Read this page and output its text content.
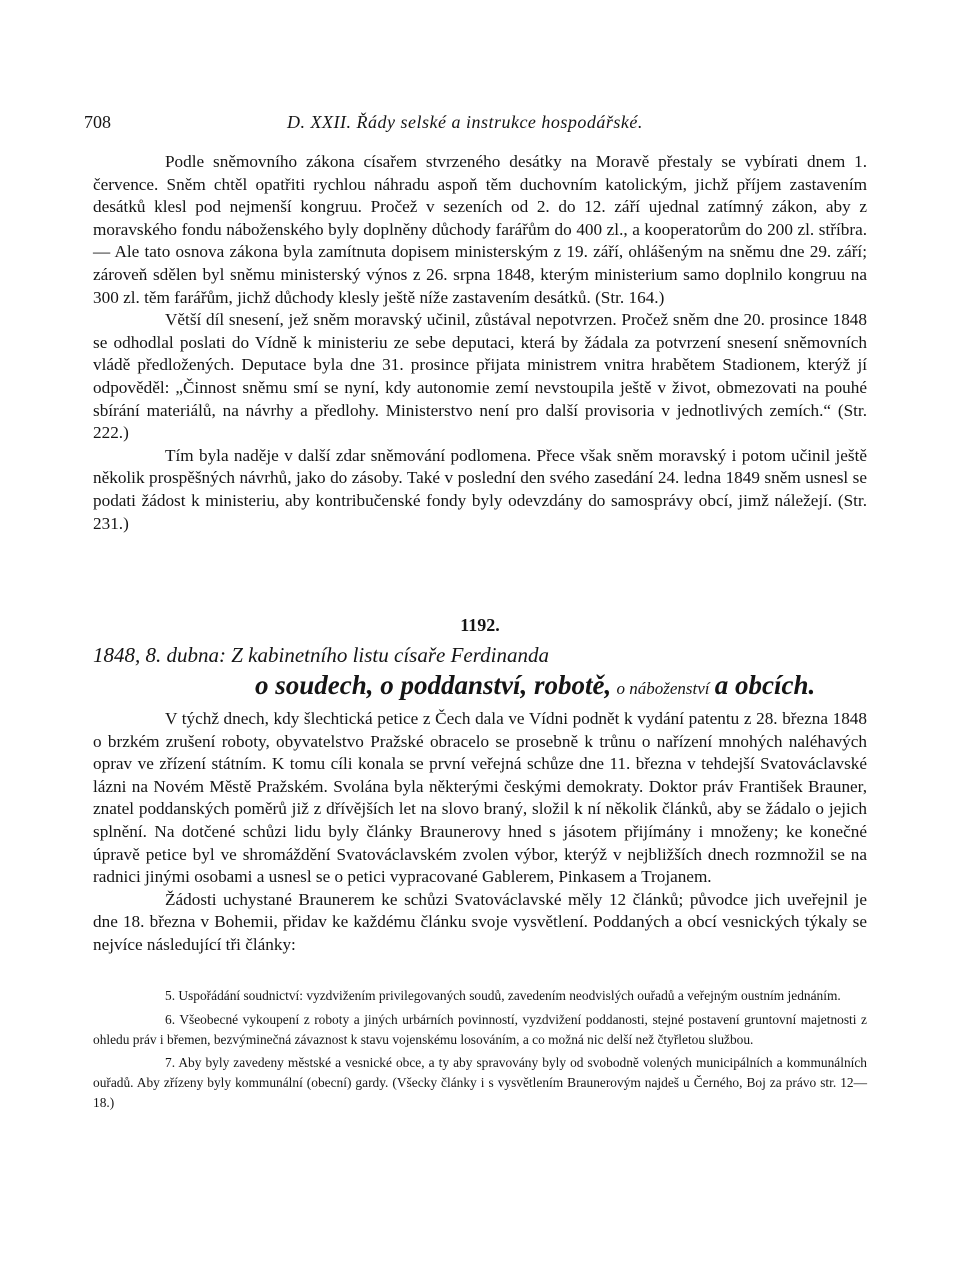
708	D. XXII. Řády selské a instrukce hospodářské.

Podle sněmovního zákona císařem stvrzeného desátky na Moravě přestaly se vybírati dnem 1. července. Sněm chtěl opatřiti rychlou náhradu aspoň těm duchovním katolickým, jichž příjem zastavením desátků klesl pod nejmenší kongruu. Pročež v sezeních od 2. do 12. září ujednal zatímný zákon, aby z moravského fondu náboženského byly doplněny důchody farářům do 400 zl., a kooperatorům do 200 zl. stříbra. — Ale tato osnova zákona byla zamítnuta dopisem ministerským z 19. září, ohlášeným na sněmu dne 29. září; zároveň sdělen byl sněmu ministerský výnos z 26. srpna 1848, kterým ministerium samo doplnilo kongruu na 300 zl. těm farářům, jichž důchody klesly ještě níže zastavením desátků. (Str. 164.)

Větší díl snesení, jež sněm moravský učinil, zůstával nepotvrzen. Pročež sněm dne 20. prosince 1848 se odhodlal poslati do Vídně k ministeriu ze sebe deputaci, která by žádala za potvrzení snesení sněmovních vládě předložených. Deputace byla dne 31. prosince přijata ministrem vnitra hrabětem Stadionem, kterýž jí odpověděl: „Činnost sněmu smí se nyní, kdy autonomie zemí nevstoupila ještě v život, obmezovati na pouhé sbírání materiálů, na návrhy a předlohy. Ministerstvo není pro další provisoria v jednotlivých zemích.“ (Str. 222.)

Tím byla naděje v další zdar sněmování podlomena. Přece však sněm moravský i potom učinil ještě několik prospěšných návrhů, jako do zásoby. Také v poslední den svého zasedání 24. ledna 1849 sněm usnesl se podati žádost k ministeriu, aby kontribučenské fondy byly odevzdány do samosprávy obcí, jimž náležejí. (Str. 231.)

1192.
1848, 8. dubna: Z kabinetního listu císaře Ferdinanda
o soudech, o poddanství, robotě, o náboženství a obcích.

V týchž dnech, kdy šlechtická petice z Čech dala ve Vídni podnět k vydání patentu z 28. března 1848 o brzkém zrušení roboty, obyvatelstvo Pražské obracelo se prosebně k trůnu o nařízení mnohých naléhavých oprav ve zřízení státním. K tomu cíli konala se první veřejná schůze dne 11. března v tehdejší Svatováclavské lázni na Novém Městě Pražském. Svolána byla některými českými demokraty. Doktor práv František Brauner, znatel poddanských poměrů již z dřívějších let na slovo braný, složil k ní několik článků, aby se žádalo o jejich splnění. Na dotčené schůzi lidu byly články Braunerovy hned s jásotem přijímány i množeny; ke konečné úpravě petice byl ve shromáždění Svatováclavském zvolen výbor, kterýž v nejbližších dnech rozmnožil se na radnici jinými osobami a usnesl se o petici vypracované Gablerem, Pinkasem a Trojanem.

Žádosti uchystané Braunerem ke schůzi Svatováclavské měly 12 článků; původce jich uveřejnil je dne 18. března v Bohemii, přidav ke každému článku svoje vysvětlení. Poddaných a obcí vesnických týkaly se nejvíce následující tři články:

5. Uspořádání soudnictví: vyzdvižením privilegovaných soudů, zavedením neodvislých ouřadů a veřejným oustním jednáním.

6. Všeobecné vykoupení z roboty a jiných urbárních povinností, vyzdvižení poddanosti, stejné postavení gruntovní majetnosti z ohledu práv i břemen, bezvýminečná závaznost k stavu vojenskému losováním, a co možná nic delší než čtyřletou službou.

7. Aby byly zavedeny městské a vesnické obce, a ty aby spravovány byly od svobodně volených municipálních a kommunálních ouřadů. Aby zřízeny byly kommunální (obecní) gardy. (Všecky články i s vysvětlením Braunerovým najdeš u Černého, Boj za právo str. 12—18.)
